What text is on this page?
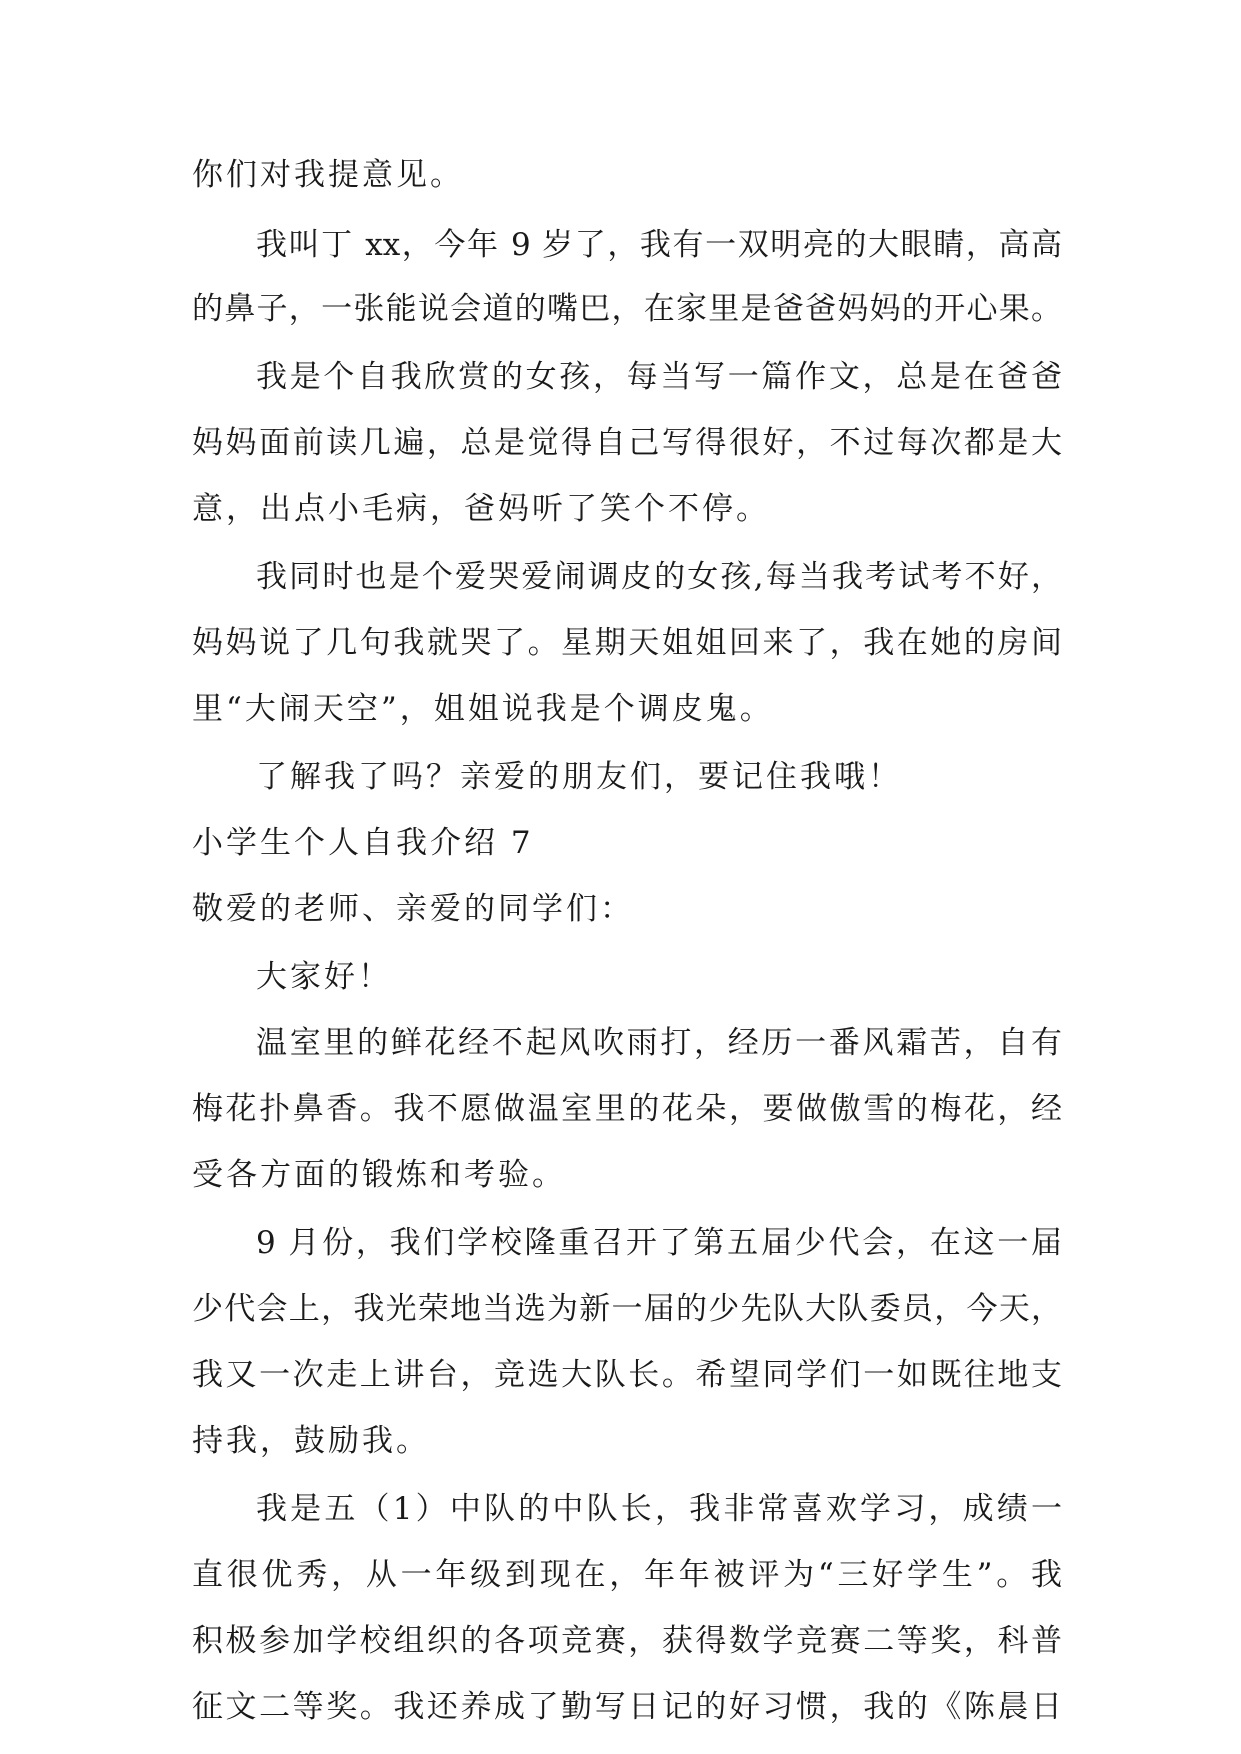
你们对我提意见。
我叫丁 xx，今年 9 岁了，我有一双明亮的大眼睛，高高
的鼻子，一张能说会道的嘴巴，在家里是爸爸妈妈的开心果。
我是个自我欣赏的女孩，每当写一篇作文，总是在爸爸
妈妈面前读几遍，总是觉得自己写得很好，不过每次都是大
意，出点小毛病，爸妈听了笑个不停。
我同时也是个爱哭爱闹调皮的女孩,每当我考试考不好，
妈妈说了几句我就哭了。星期天姐姐回来了，我在她的房间
里“大闹天空”，姐姐说我是个调皮鬼。
了解我了吗？亲爱的朋友们，要记住我哦！
小学生个人自我介绍 7
敬爱的老师、亲爱的同学们：
大家好！
温室里的鲜花经不起风吹雨打，经历一番风霜苦，自有
梅花扑鼻香。我不愿做温室里的花朵，要做傲雪的梅花，经
受各方面的锻炼和考验。
9 月份，我们学校隆重召开了第五届少代会，在这一届
少代会上，我光荣地当选为新一届的少先队大队委员，今天，
我又一次走上讲台，竞选大队长。希望同学们一如既往地支
持我，鼓励我。
我是五（1）中队的中队长，我非常喜欢学习，成绩一
直很优秀，从一年级到现在，年年被评为“三好学生”。我
积极参加学校组织的各项竞赛，获得数学竞赛二等奖，科普
征文二等奖。我还养成了勤写日记的好习惯，我的《陈晨日
